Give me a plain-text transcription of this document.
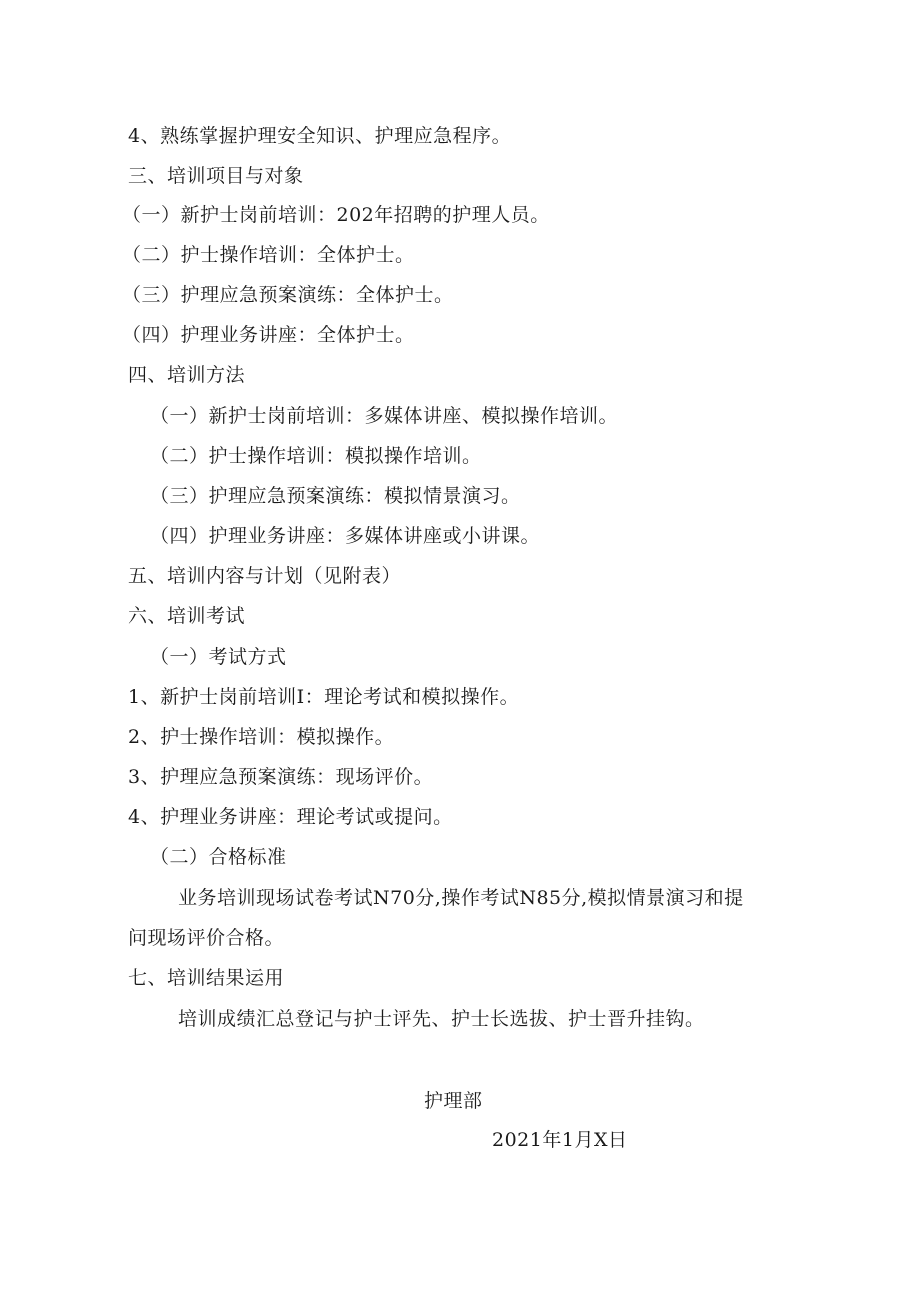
4、熟练掌握护理安全知识、护理应急程序。
三、培训项目与对象
（一）新护士岗前培训：202年招聘的护理人员。
（二）护士操作培训：全体护士。
（三）护理应急预案演练：全体护士。
（四）护理业务讲座：全体护士。
四、培训方法
（一）新护士岗前培训：多媒体讲座、模拟操作培训。
（二）护士操作培训：模拟操作培训。
（三）护理应急预案演练：模拟情景演习。
（四）护理业务讲座：多媒体讲座或小讲课。
五、培训内容与计划（见附表）
六、培训考试
（一）考试方式
1、新护士岗前培训I：理论考试和模拟操作。
2、护士操作培训：模拟操作。
3、护理应急预案演练：现场评价。
4、护理业务讲座：理论考试或提问。
（二）合格标准
业务培训现场试卷考试N70分,操作考试N85分,模拟情景演习和提
问现场评价合格。
七、培训结果运用
培训成绩汇总登记与护士评先、护士长选拔、护士晋升挂钩。
护理部
2021年1月X日
